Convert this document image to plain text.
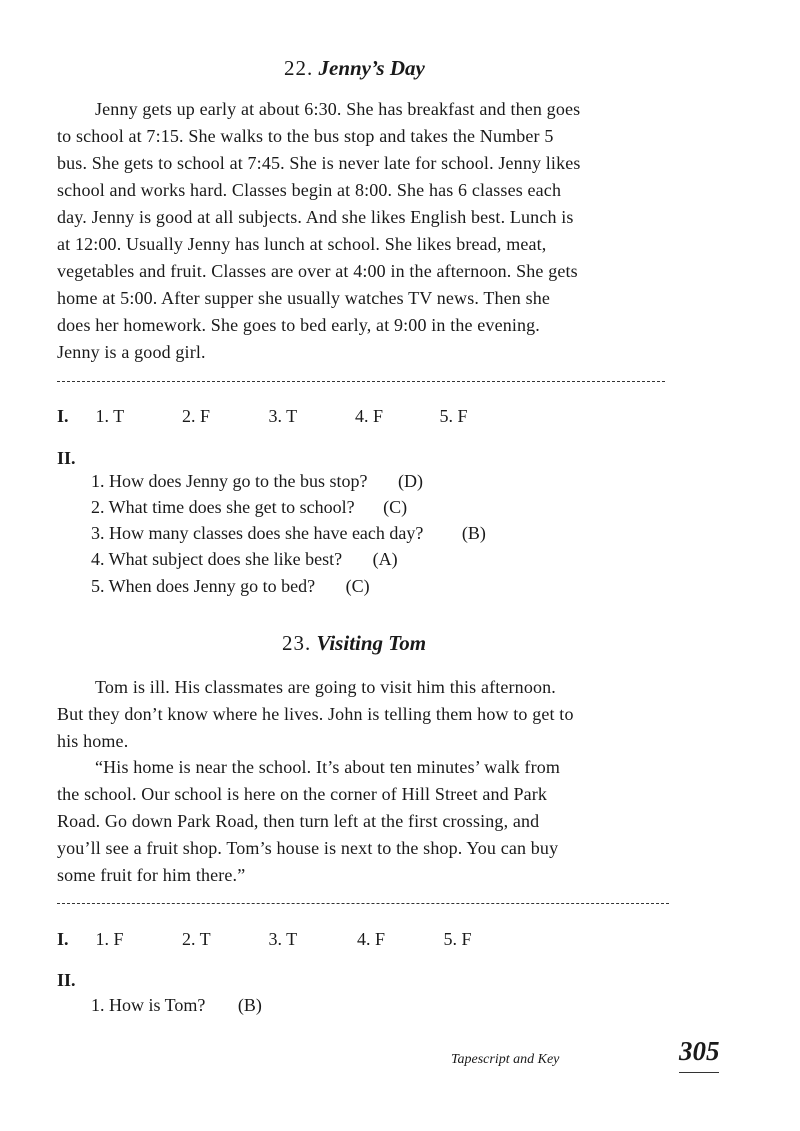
22. Jenny’s Day
Jenny gets up early at about 6:30. She has breakfast and then goes
to school at 7:15. She walks to the bus stop and takes the Number 5
bus. She gets to school at 7:45. She is never late for school. Jenny likes
school and works hard. Classes begin at 8:00. She has 6 classes each
day. Jenny is good at all subjects. And she likes English best. Lunch is
at 12:00. Usually Jenny has lunch at school. She likes bread, meat,
vegetables and fruit. Classes are over at 4:00 in the afternoon. She gets
home at 5:00. After supper she usually watches TV news. Then she
does her homework. She goes to bed early, at 9:00 in the evening.
Jenny is a good girl.
I. 1. T	2. F	3. T	4. F	5. F
II.
1. How does Jenny go to the bus stop? (D)
2. What time does she get to school? (C)
3. How many classes does she have each day? (B)
4. What subject does she like best? (A)
5. When does Jenny go to bed? (C)
23. Visiting Tom
Tom is ill. His classmates are going to visit him this afternoon.
But they don’t know where he lives. John is telling them how to get to
his home.
“His home is near the school. It’s about ten minutes’ walk from
the school. Our school is here on the corner of Hill Street and Park
Road. Go down Park Road, then turn left at the first crossing, and
you’ll see a fruit shop. Tom’s house is next to the shop. You can buy
some fruit for him there.”
I. 1. F	2. T	3. T	4. F	5. F
II.
1. How is Tom? (B)
Tapescript and Key	305
